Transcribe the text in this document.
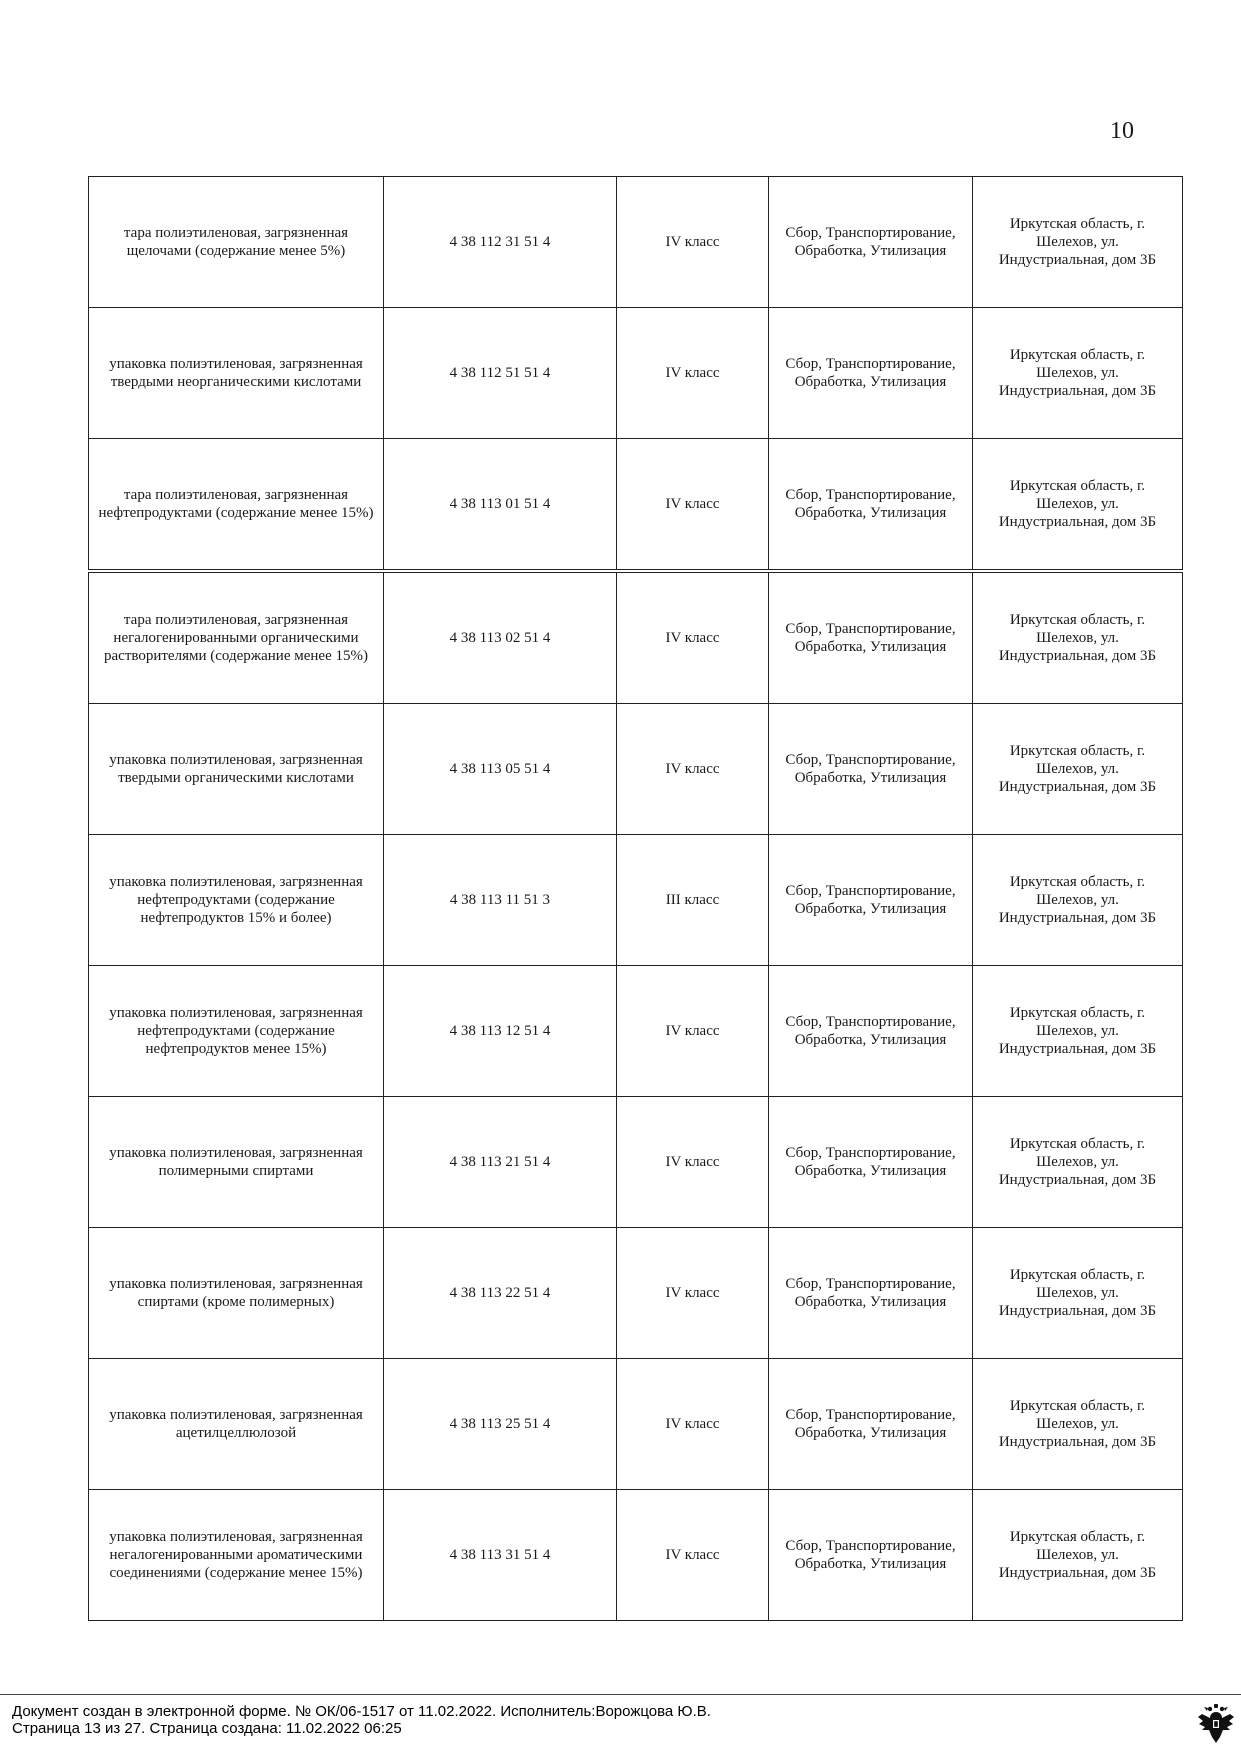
10
тара полиэтиленовая, загрязненная щелочами (содержание менее 5%)	4 38 112 31 51 4	IV класс	Сбор, Транспортирование, Обработка, Утилизация	Иркутская область, г. Шелехов, ул. Индустриальная, дом 3Б
упаковка полиэтиленовая, загрязненная твердыми неорганическими кислотами	4 38 112 51 51 4	IV класс	Сбор, Транспортирование, Обработка, Утилизация	Иркутская область, г. Шелехов, ул. Индустриальная, дом 3Б
тара полиэтиленовая, загрязненная нефтепродуктами (содержание менее 15%)	4 38 113 01 51 4	IV класс	Сбор, Транспортирование, Обработка, Утилизация	Иркутская область, г. Шелехов, ул. Индустриальная, дом 3Б
тара полиэтиленовая, загрязненная негалогенированными органическими растворителями (содержание менее 15%)	4 38 113 02 51 4	IV класс	Сбор, Транспортирование, Обработка, Утилизация	Иркутская область, г. Шелехов, ул. Индустриальная, дом 3Б
упаковка полиэтиленовая, загрязненная твердыми органическими кислотами	4 38 113 05 51 4	IV класс	Сбор, Транспортирование, Обработка, Утилизация	Иркутская область, г. Шелехов, ул. Индустриальная, дом 3Б
упаковка полиэтиленовая, загрязненная нефтепродуктами (содержание нефтепродуктов 15% и более)	4 38 113 11 51 3	III класс	Сбор, Транспортирование, Обработка, Утилизация	Иркутская область, г. Шелехов, ул. Индустриальная, дом 3Б
упаковка полиэтиленовая, загрязненная нефтепродуктами (содержание нефтепродуктов менее 15%)	4 38 113 12 51 4	IV класс	Сбор, Транспортирование, Обработка, Утилизация	Иркутская область, г. Шелехов, ул. Индустриальная, дом 3Б
упаковка полиэтиленовая, загрязненная полимерными спиртами	4 38 113 21 51 4	IV класс	Сбор, Транспортирование, Обработка, Утилизация	Иркутская область, г. Шелехов, ул. Индустриальная, дом 3Б
упаковка полиэтиленовая, загрязненная спиртами (кроме полимерных)	4 38 113 22 51 4	IV класс	Сбор, Транспортирование, Обработка, Утилизация	Иркутская область, г. Шелехов, ул. Индустриальная, дом 3Б
упаковка полиэтиленовая, загрязненная ацетилцеллюлозой	4 38 113 25 51 4	IV класс	Сбор, Транспортирование, Обработка, Утилизация	Иркутская область, г. Шелехов, ул. Индустриальная, дом 3Б
упаковка полиэтиленовая, загрязненная негалогенированными ароматическими соединениями (содержание менее 15%)	4 38 113 31 51 4	IV класс	Сбор, Транспортирование, Обработка, Утилизация	Иркутская область, г. Шелехов, ул. Индустриальная, дом 3Б
Документ создан в электронной форме. № ОК/06-1517 от 11.02.2022. Исполнитель:Ворожцова Ю.В.
Страница 13 из 27. Страница создана: 11.02.2022 06:25
